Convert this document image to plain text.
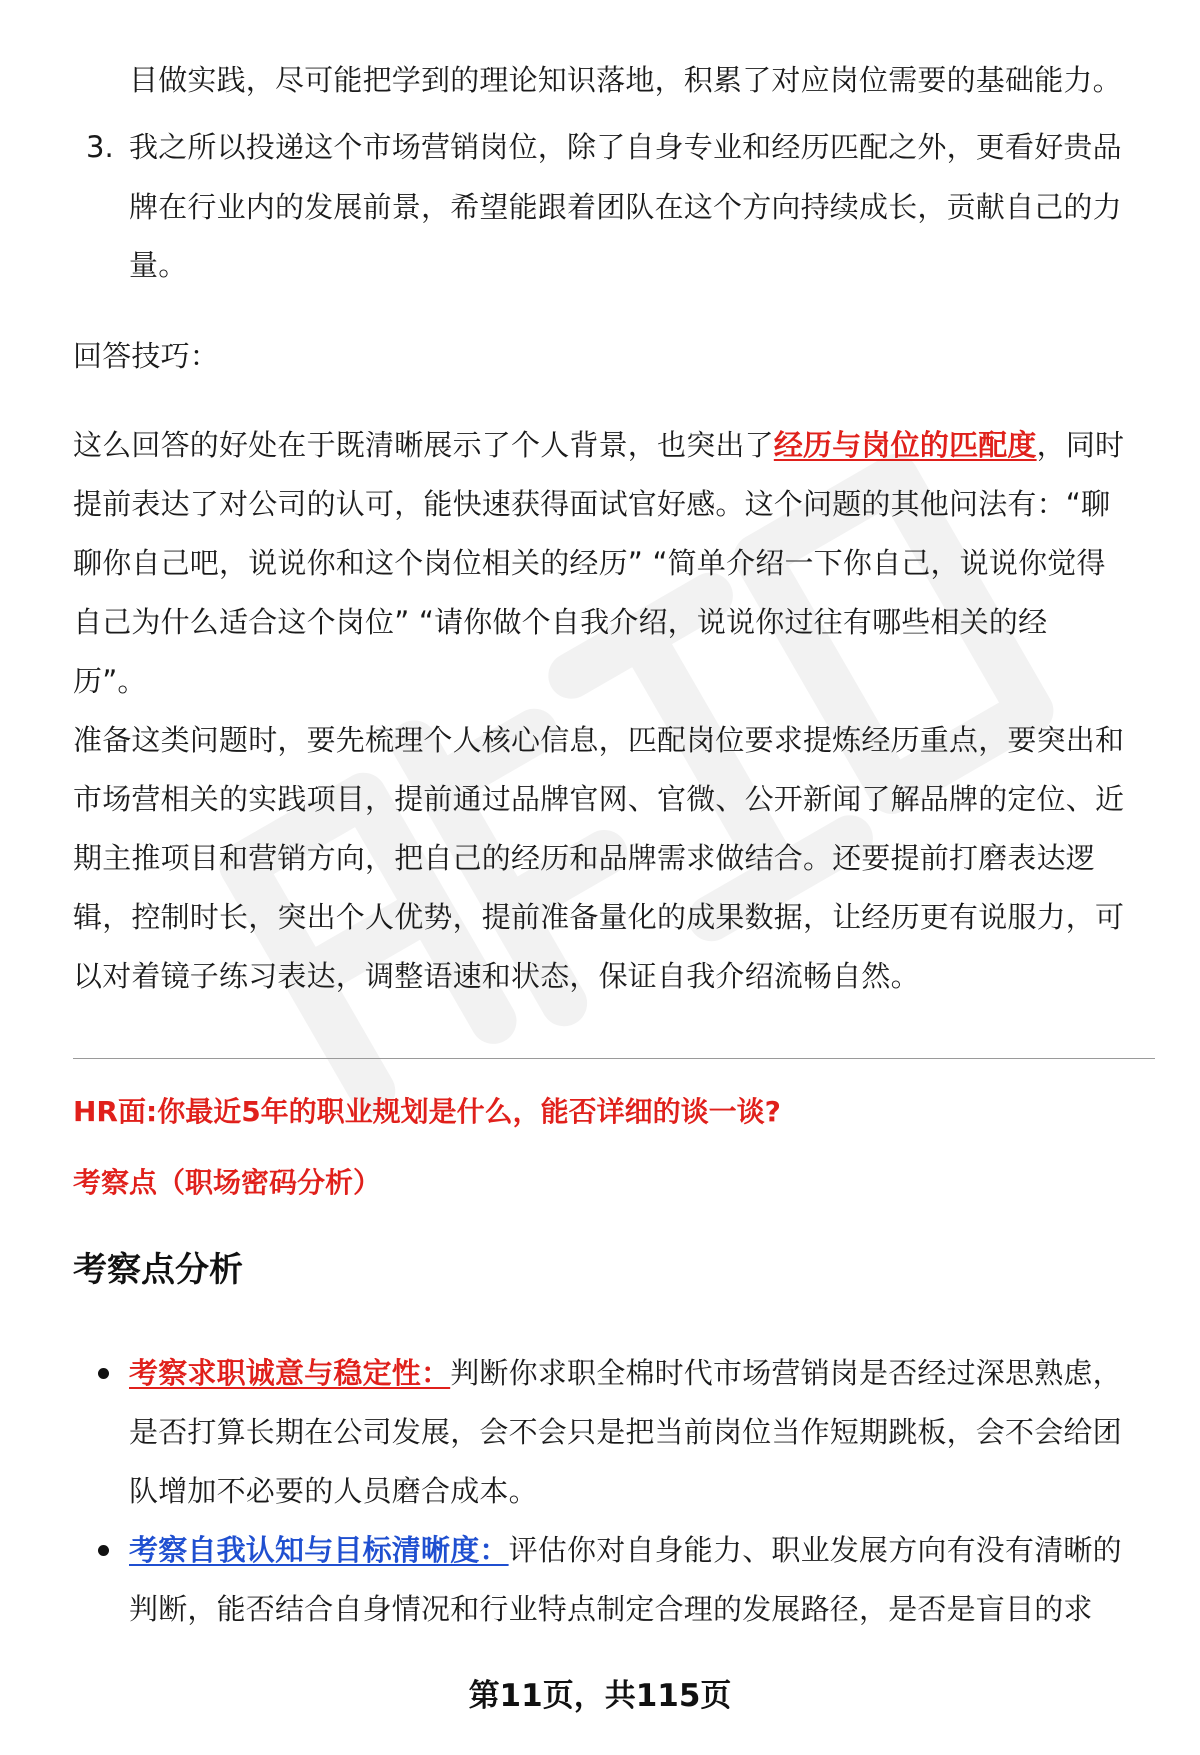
目做实践，尽可能把学到的理论知识落地，积累了对应岗位需要的基础能力。
3. 我之所以投递这个市场营销岗位，除了自身专业和经历匹配之外，更看好贵品
牌在行业内的发展前景，希望能跟着团队在这个方向持续成长，贡献自己的力
量。
回答技巧：
这么回答的好处在于既清晰展示了个人背景，也突出了经历与岗位的匹配度，同时
提前表达了对公司的认可，能快速获得面试官好感。这个问题的其他问法有：“聊
聊你自己吧，说说你和这个岗位相关的经历” “简单介绍一下你自己，说说你觉得
自己为什么适合这个岗位” “请你做个自我介绍，说说你过往有哪些相关的经
历”。
准备这类问题时，要先梳理个人核心信息，匹配岗位要求提炼经历重点，要突出和
市场营相关的实践项目，提前通过品牌官网、官微、公开新闻了解品牌的定位、近
期主推项目和营销方向，把自己的经历和品牌需求做结合。还要提前打磨表达逻
辑，控制时长，突出个人优势，提前准备量化的成果数据，让经历更有说服力，可
以对着镜子练习表达，调整语速和状态，保证自我介绍流畅自然。
HR面:你最近5年的职业规划是什么，能否详细的谈一谈?
考察点（职场密码分析）
考察点分析
考察求职诚意与稳定性：判断你求职全棉时代市场营销岗是否经过深思熟虑，
是否打算长期在公司发展，会不会只是把当前岗位当作短期跳板，会不会给团
队增加不必要的人员磨合成本。
考察自我认知与目标清晰度：评估你对自身能力、职业发展方向有没有清晰的
判断，能否结合自身情况和行业特点制定合理的发展路径，是否是盲目的求
第11页，共115页
